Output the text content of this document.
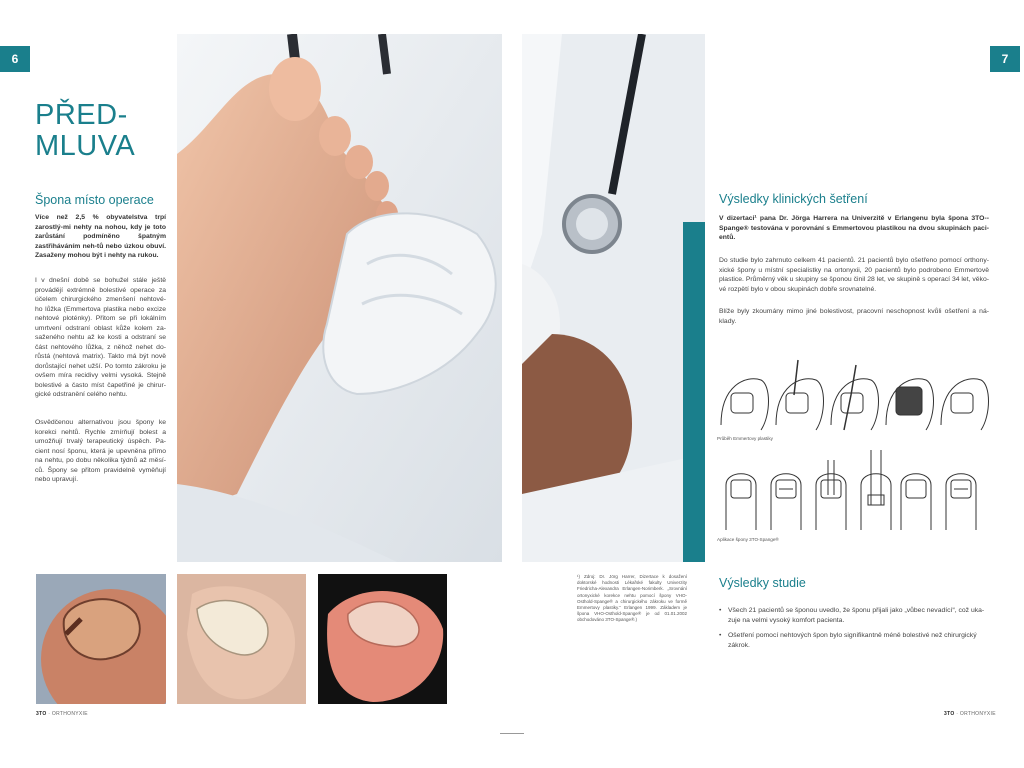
6	7
PŘED-
MLUVA
Špona místo operace

Více než 2,5 % obyvatelstva trpí zarostlý-mi nehty na nohou, kdy je toto zarůstání podmíněno špatným zastřiháváním neh-tů nebo úzkou obuví. Zasaženy mohou být i nehty na rukou.

I v dnešní době se bohužel stále ještě provádějí extrémně bolestivé operace za účelem chirurgického zmenšení nehtové-ho lůžka (Emmertova plastika nebo excize nehtové ploténky). Přitom se při lokálním umrtvení odstraní oblast kůže kolem za-saženého nehtu až ke kosti a odstraní se část nehtového lůžka, z něhož nehet do-růstá (nehtová matrix). Takto má být nově dorůstající nehet užší. Po tomto zákroku je ovšem míra recidivy velmi vysoká. Stejně bolestivé a často míst čapetřiné je chirur-gické odstranění celého nehtu.

Osvědčenou alternativou jsou špony ke korekci nehtů. Rychle zmírňují bolest a umožňují trvalý terapeutický úspěch. Pa-cient nosí šponu, která je upevněna přímo na nehtu, po dobu několika týdnů až měsí-ců. Špony se přitom pravidelně vyměňují nebo upravují.

Výsledky klinických šetření

V dizertaci¹ pana Dr. Jörga Harrera na Univerzitě v Erlangenu byla špona 3TO--Spange® testována v porovnání s Emmertovou plastikou na dvou skupinách paci-entů.

Do studie bylo zahrnuto celkem 41 pacientů. 21 pacientů bylo ošetřeno pomocí orthony-xické špony u místní specialistky na ortonyxii, 20 pacientů bylo podrobeno Emmertově plastice. Průměrný věk u skupiny se šponou činil 28 let, ve skupině s operací 34 let, věko-vé rozpětí bylo v obou skupinách dobře srovnatelné.

Blíže byly zkoumány mimo jiné bolestivost, pracovní neschopnost kvůli ošetření a ná-klady.

Průběh Emmertovy plastiky
Aplikace špony 3TO-Spange®
Výsledky studie
• Všech 21 pacientů se šponou uvedlo, že šponu přijali jako „vůbec nevadící“, což uka-zuje na velmi vysoký komfort pacienta.
• Ošetření pomocí nehtových špon bylo signifikantně méně bolestivé než chirurgický zákrok.

¹) Zdroj: Dr. Jörg Harrer, Dizertace k dosažení doktorské hodnosti Lékařské fakulty Univerzity Friedricha-Alexandra Erlangen-Norimberk. „Srovnání ortonyxické korekce nehtu pomocí špony VHO-Osthold-Spange® a chirurgického zákroku ve formě Emmertovy plastiky.“ Erlangen 1999. Základem je špona VHO-Osthold-Spange® je od 01.01.2002 obchodováno 3TO-Spange®.)

3TO · ORTHONYXIE	3TO · ORTHONYXIE
